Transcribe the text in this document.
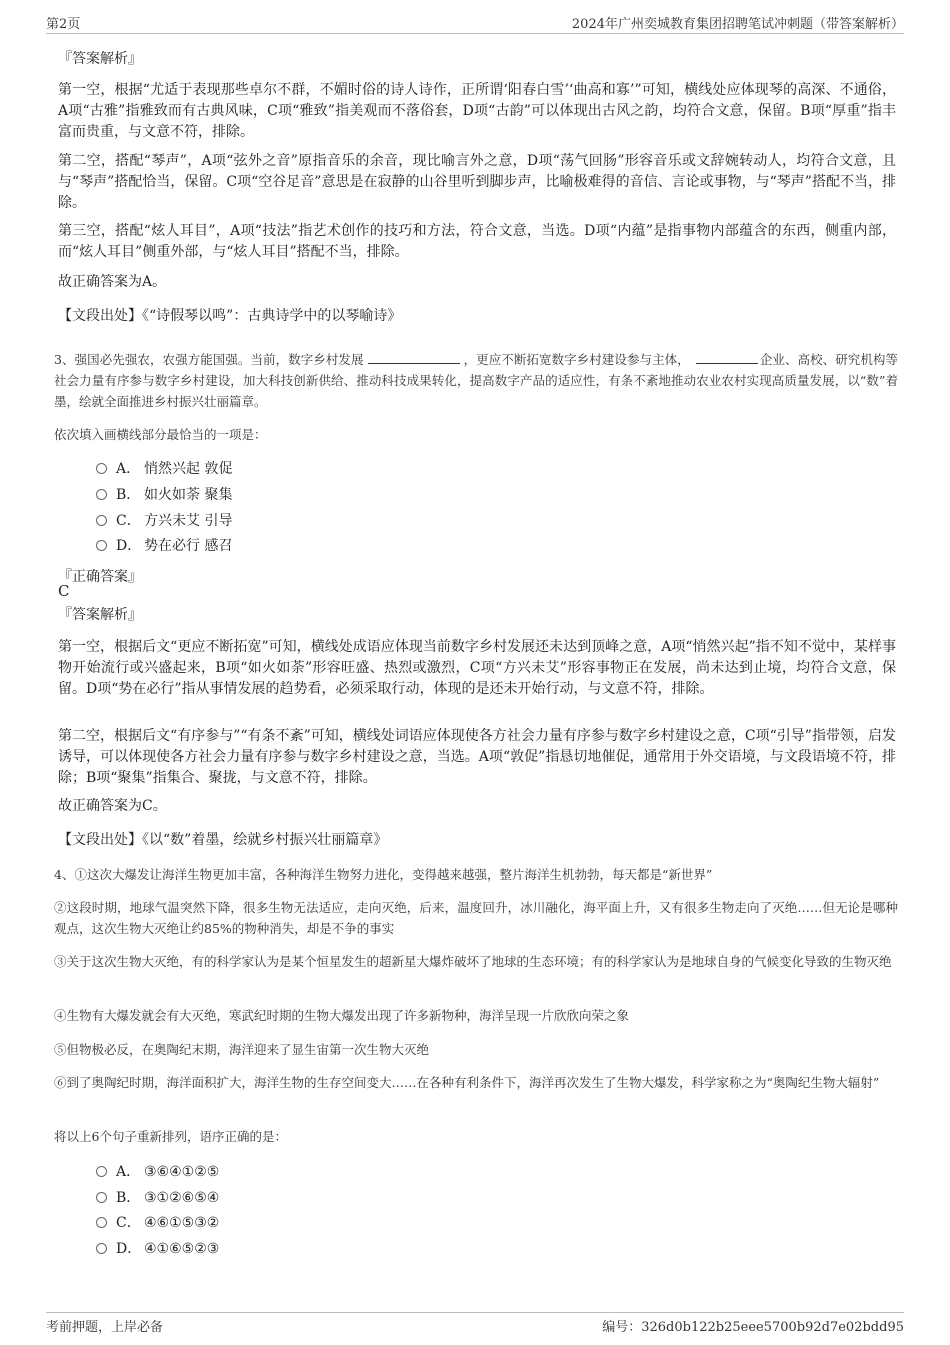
第2页	2024年广州奕城教育集团招聘笔试冲刺题（带答案解析）
『答案解析』

第一空，根据“尤适于表现那些卓尔不群，不媚时俗的诗人诗作，正所谓‘阳春白雪’‘曲高和寡’”可知，横线处应体现琴的高深、不通俗，A项“古雅”指雅致而有古典风味，C项“雅致”指美观而不落俗套，D项“古韵”可以体现出古风之韵，均符合文意，保留。B项“厚重”指丰富而贵重，与文意不符，排除。

第二空，搭配“琴声”，A项“弦外之音”原指音乐的余音，现比喻言外之意，D项“荡气回肠”形容音乐或文辞婉转动人，均符合文意，且与“琴声”搭配恰当，保留。C项“空谷足音”意思是在寂静的山谷里听到脚步声，比喻极难得的音信、言论或事物，与“琴声”搭配不当，排除。

第三空，搭配“炫人耳目”，A项“技法”指艺术创作的技巧和方法，符合文意，当选。D项“内蕴”是指事物内部蕴含的东西，侧重内部，而“炫人耳目”侧重外部，与“炫人耳目”搭配不当，排除。

故正确答案为A。
【文段出处】《“诗假琴以鸣”：古典诗学中的以琴喻诗》

3、强国必先强农，农强方能国强。当前，数字乡村发展	，更应不断拓宽数字乡村建设参与主体，	企业、高校、研究机构等社会力量有序参与数字乡村建设，加大科技创新供给、推动科技成果转化，提高数字产品的适应性，有条不紊地推动农业农村实现高质量发展，以“数”着墨，绘就全面推进乡村振兴壮丽篇章。

依次填入画横线部分最恰当的一项是：
A． 悄然兴起 敦促
B． 如火如荼 聚集
C． 方兴未艾 引导
D． 势在必行 感召
『正确答案』
C
『答案解析』

第一空，根据后文“更应不断拓宽”可知，横线处成语应体现当前数字乡村发展还未达到顶峰之意，A项“悄然兴起”指不知不觉中，某样事物开始流行或兴盛起来，B项“如火如荼”形容旺盛、热烈或激烈，C项“方兴未艾”形容事物正在发展，尚未达到止境，均符合文意，保留。D项“势在必行”指从事情发展的趋势看，必须采取行动，体现的是还未开始行动，与文意不符，排除。

第二空，根据后文“有序参与”“有条不紊”可知，横线处词语应体现使各方社会力量有序参与数字乡村建设之意，C项“引导”指带领，启发诱导，可以体现使各方社会力量有序参与数字乡村建设之意，当选。A项“敦促”指恳切地催促，通常用于外交语境，与文段语境不符，排除；B项“聚集”指集合、聚拢，与文意不符，排除。

故正确答案为C。
【文段出处】《以“数”着墨，绘就乡村振兴壮丽篇章》

4、①这次大爆发让海洋生物更加丰富，各种海洋生物努力进化，变得越来越强，整片海洋生机勃勃，每天都是“新世界”

②这段时期，地球气温突然下降，很多生物无法适应，走向灭绝，后来，温度回升，冰川融化，海平面上升，又有很多生物走向了灭绝……但无论是哪种观点，这次生物大灭绝让约85%的物种消失，却是不争的事实

③关于这次生物大灭绝，有的科学家认为是某个恒星发生的超新星大爆炸破坏了地球的生态环境；有的科学家认为是地球自身的气候变化导致的生物灭绝

④生物有大爆发就会有大灭绝，寒武纪时期的生物大爆发出现了许多新物种，海洋呈现一片欣欣向荣之象

⑤但物极必反，在奥陶纪末期，海洋迎来了显生宙第一次生物大灭绝

⑥到了奥陶纪时期，海洋面积扩大，海洋生物的生存空间变大……在各种有利条件下，海洋再次发生了生物大爆发，科学家称之为“奥陶纪生物大辐射”

将以上6个句子重新排列，语序正确的是：
A． ③⑥④①②⑤
B． ③①②⑥⑤④
C． ④⑥①⑤③②
D． ④①⑥⑤②③
考前押题，上岸必备	编号：326d0b122b25eee5700b92d7e02bdd95
